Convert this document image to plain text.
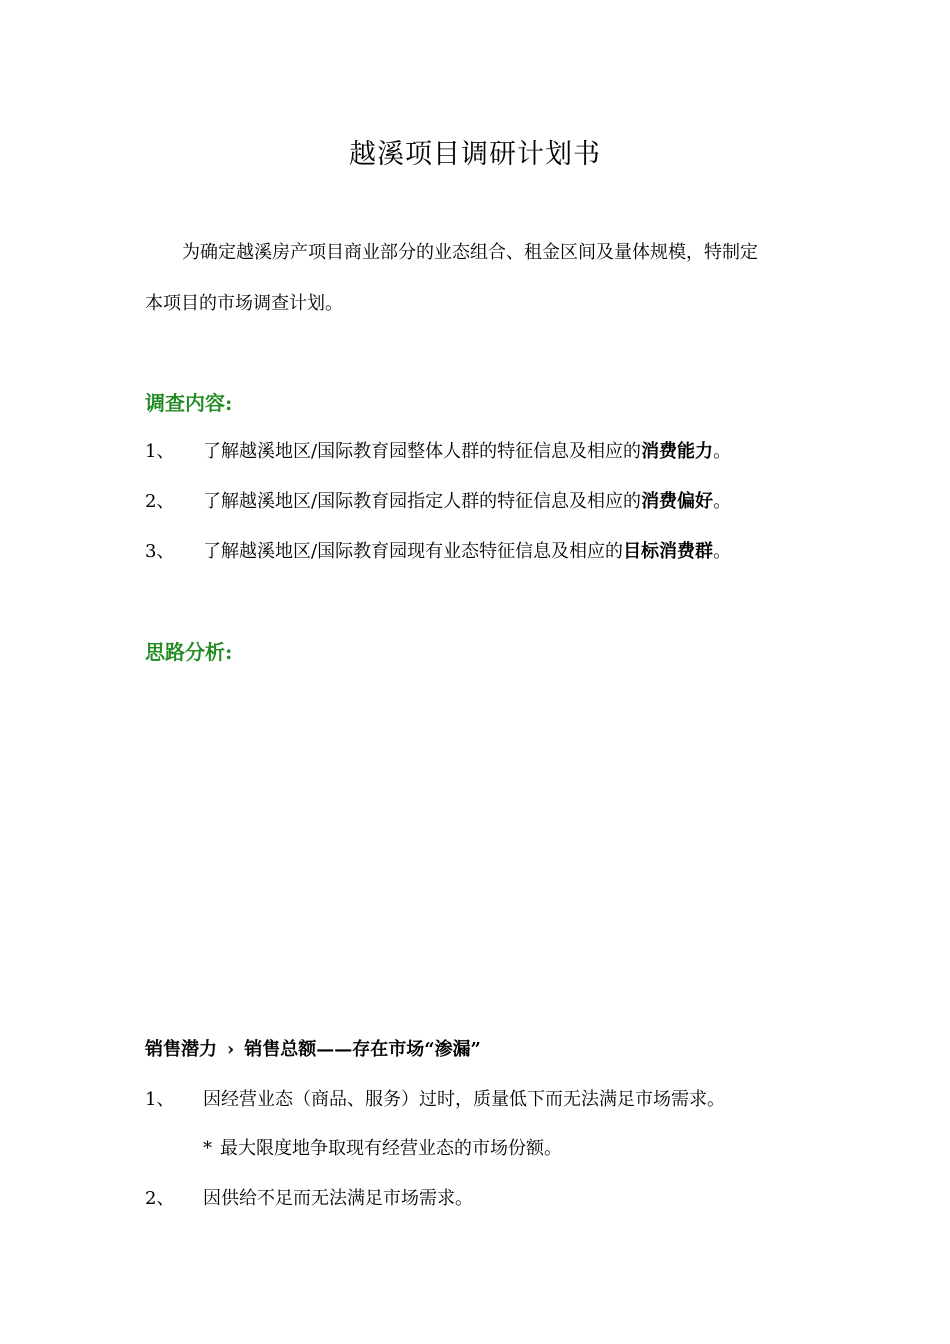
越溪项目调研计划书
为确定越溪房产项目商业部分的业态组合、租金区间及量体规模，特制定
本项目的市场调查计划。
调查内容:
1、 了解越溪地区/国际教育园整体人群的特征信息及相应的消费能力。
2、 了解越溪地区/国际教育园指定人群的特征信息及相应的消费偏好。
3、 了解越溪地区/国际教育园现有业态特征信息及相应的目标消费群。
思路分析:
销售潜力 › 销售总额——存在市场“渗漏”
1、 因经营业态（商品、服务）过时，质量低下而无法满足市场需求。
* 最大限度地争取现有经营业态的市场份额。
2、 因供给不足而无法满足市场需求。
